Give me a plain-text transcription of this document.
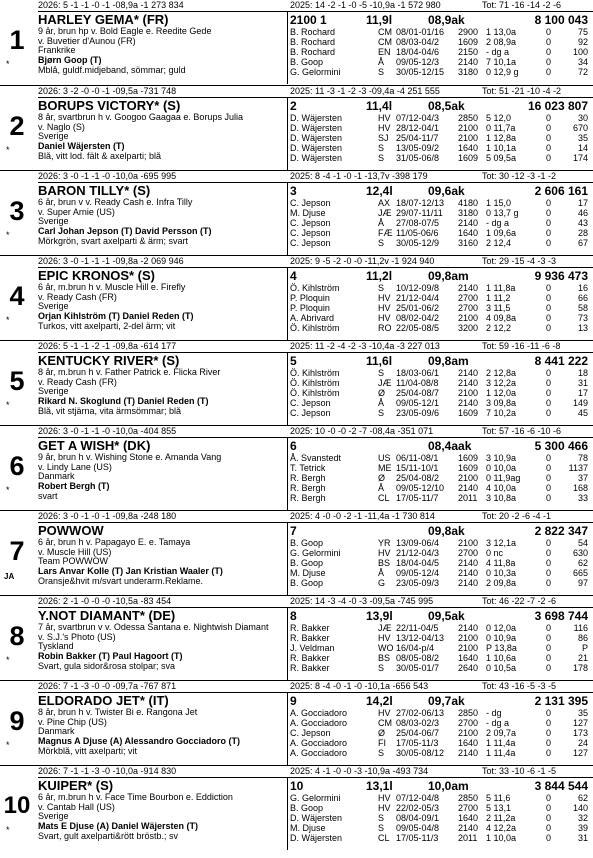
2026: 5 -1 -1 -0 -1 -08,9a -1 273 834	2025: 14 -2 -1 -0 -5 -10,9a -1 572 980	Tot: 71 -16 -14 -2 -6
1
*
HARLEY GEMA* (FR)
9 år, brun hp v. Bold Eagle e. Reedite Gede
v. Buvetier d'Aunou (FR)
Frankrike
Bjørn Goop (T)
Mblå, guldf.midjeband, sömmar; guld
2100 1	11,9l	08,9ak	8 100 043
B. Rochard	CM 08/01-01/16 2900 1 13,0a	0	75
B. Rochard	CM 08/03-04/2 1609 2 08,9a	0	92
B. Rochard	EN 18/04-04/6 2150 - dg a	0	100
B. Goop	Å 09/05-12/3 2140 7 10,1a	0	34
G. Gelormini	S 30/05-12/15 3180 0 12,9 g	0	72
2026: 3 -2 -0 -0 -1 -09,5a -731 748	2025: 11 -3 -1 -2 -3 -09,4a -4 251 555	Tot: 51 -21 -10 -4 -2
2
*
BORUPS VICTORY* (S)
8 år, svartbrun h v. Googoo Gaagaa e. Borups Julia
v. Naglo (S)
Sverige
Daniel Wäjersten (T)
Blå, vitt lod. fält & axelparti; blå
2	11,4l	08,5ak	16 023 807
D. Wäjersten	HV 07/12-04/3 2850 5 12,0	0	30
D. Wäjersten	HV 28/12-04/1 2100 0 11,7a	0	670
D. Wäjersten	SJ 25/04-11/7 2100 1 12,8a	0	35
D. Wäjersten	S 13/05-09/2 1640 1 10,1a	0	14
D. Wäjersten	S 31/05-06/8 1609 5 09,5a	0	174
2026: 3 -0 -1 -1 -0 -10,0a -695 995	2025: 8 -4 -1 -0 -1 -13,7v -398 179	Tot: 30 -12 -3 -1 -2
3
*
BARON TILLY* (S)
6 år, brun v v. Ready Cash e. Infra Tilly
v. Super Arnie (US)
Sverige
Carl Johan Jepson (T) David Persson (T)
Mörkgrön, svart axelparti & ärm; svart
3	12,4l	09,6ak	2 606 161
C. Jepson	AX 18/07-12/13 4180 1 15,0	0	17
M. Djuse	JÆ 29/07-11/11 3180 0 13,7 g	0	46
C. Jepson	Å 27/08-07/5 2140 - dg a	0	43
C. Jepson	FÆ 11/05-06/6 1640 1 09,6a	0	28
C. Jepson	S 30/05-12/9 3160 2 12,4	0	67
2026: 3 -0 -1 -1 -1 -09,8a -2 069 946	2025: 9 -5 -2 -0 -0 -11,2v -1 924 940	Tot: 29 -15 -4 -3 -3
4
*
EPIC KRONOS* (S)
6 år, m.brun h v. Muscle Hill e. Firefly
v. Ready Cash (FR)
Sverige
Örjan Kihlström (T) Daniel Reden (T)
Turkos, vitt axelparti, 2-del ärm; vit
4	11,2l	09,8am	9 936 473
Ö. Kihlström	S 10/12-09/8 2140 1 11,8a	0	16
P. Ploquin	HV 21/12-04/4 2700 1 11,2	0	66
P. Ploquin	HV 25/01-06/2 2700 3 11,5	0	58
A. Abrivard	HV 08/02-04/2 2100 4 09,8a	0	73
Ö. Kihlström	RO 22/05-08/5 3200 2 12,2	0	13
2026: 5 -1 -1 -2 -1 -09,8a -614 177	2025: 11 -2 -4 -2 -3 -10,4a -3 227 013	Tot: 59 -16 -11 -6 -8
5
*
KENTUCKY RIVER* (S)
8 år, m.brun h v. Father Patrick e. Flicka River
v. Ready Cash (FR)
Sverige
Rikard N. Skoglund (T) Daniel Reden (T)
Blå, vit stjärna, vita ärmsömmar; blå
5	11,6l	09,8am	8 441 222
Ö. Kihlström	S 18/03-06/1 2140 2 12,8a	0	18
Ö. Kihlström	JÆ 11/04-08/8 2140 3 12,2a	0	31
Ö. Kihlström	Ø 25/04-08/7 2100 1 12,0a	0	17
C. Jepson	Å 09/05-12/1 2140 3 09,8a	0	149
C. Jepson	S 23/05-09/6 1609 7 10,2a	0	45
2026: 3 -0 -1 -1 -0 -10,0a -404 855	2025: 10 -0 -0 -2 -7 -08,4a -351 071	Tot: 57 -16 -6 -10 -6
6
*
GET A WISH* (DK)
9 år, brun h v. Wishing Stone e. Amanda Vang
v. Lindy Lane (US)
Danmark
Robert Bergh (T)
svart
6	08,4aak	5 300 466
Å. Svanstedt	US 06/11-08/1 1609 3 10,9a	0	78
T. Tetrick	ME 15/11-10/1 1609 0 10,0a	0	1137
R. Bergh	Ø 25/04-08/2 2100 0 11,9ag	0	37
R. Bergh	Å 09/05-12/10 2140 4 10,0a	0	168
R. Bergh	CL 17/05-11/7 2011 3 10,8a	0	33
2026: 3 -0 -1 -0 -1 -09,8a -248 180	2025: 4 -0 -0 -2 -1 -11,4a -1 730 814	Tot: 20 -2 -6 -4 -1
7
JA
POWWOW
6 år, brun h v. Papagayo E. e. Tamaya
v. Muscle Hill (US)
Team POWWOW
Lars Anvar Kolle (T) Jan Kristian Waaler (T)
Oransje&hvit m/svart underarm.Reklame.
7	09,8ak	2 822 347
B. Goop	YR 13/09-06/4 2100 3 12,1a	0	54
G. Gelormini	HV 21/12-04/3 2700 0 nc	0	630
B. Goop	BS 18/04-04/5 2140 4 11,8a	0	62
M. Djuse	Å 09/05-12/4 2140 0 10,3a	0	665
B. Goop	G 23/05-09/3 2140 2 09,8a	0	97
2026: 2 -1 -0 -0 -0 -10,5a -83 454	2025: 14 -3 -4 -0 -3 -09,5a -745 995	Tot: 46 -22 -7 -2 -6
8
*
Y.NOT DIAMANT* (DE)
7 år, svartbrun v v. Odessa Santana e. Nightwish Diamant
v. S.J.'s Photo (US)
Tyskland
Robin Bakker (T) Paul Hagoort (T)
Svart, gula sidor&rosa stolpar; sva
8	13,9l	09,5ak	3 698 744
R. Bakker	JÆ 22/11-04/5 2140 0 12,0a	0	116
R. Bakker	HV 13/12-04/13 2100 0 10,9a	0	86
J. Veldman	WO 16/04-p/4	2100 P 13,8a	0	P
R. Bakker	BS 08/05-08/2 1640 1 10,6a	0	21
R. Bakker	S 30/05-01/7 2640 0 10,5a	0	178
2026: 7 -1 -3 -0 -0 -09,7a -767 871	2025: 8 -4 -0 -1 -0 -10,1a -656 543	Tot: 43 -16 -5 -3 -5
9
*
ELDORADO JET* (IT)
8 år, brun h v. Twister Bi e. Rangona Jet
v. Pine Chip (US)
Danmark
Magnus A Djuse (A) Alessandro Gocciadoro (T)
Mörkblå, vitt axelparti; vit
9	14,2l	09,7ak	2 131 395
A. Gocciadoro	HV 27/02-06/13 2850 - dg	0	35
A. Gocciadoro	CM 08/03-02/3 2700 - dg a	0	127
C. Jepson	Ø 25/04-06/7 2100 2 09,7a	0	173
A. Gocciadoro	FI 17/05-11/3 1640 1 11,4a	0	24
A. Gocciadoro	S 30/05-08/12 2140 1 11,4a	0	127
2026: 7 -1 -1 -3 -0 -10,0a -914 830	2025: 4 -1 -0 -0 -3 -10,9a -493 734	Tot: 33 -10 -6 -1 -5
10
*
KUIPER* (S)
6 år, m.brun h v. Face Time Bourbon e. Eddiction
v. Cantab Hall (US)
Sverige
Mats E Djuse (A) Daniel Wäjersten (T)
Svart, gult axelparti&rött bröstb.; sv
10	13,1l	10,0am	3 844 544
G. Gelormini	HV 07/12-04/8 2850 5 11,6	0	62
B. Goop	HV 22/02-05/3 2700 5 13,1	0	140
D. Wäjersten	S 08/04-09/1 1640 2 11,2a	0	32
M. Djuse	S 09/05-04/8 2140 4 12,2a	0	39
D. Wäjersten	CL 17/05-11/3 2011 1 10,0a	0	31
